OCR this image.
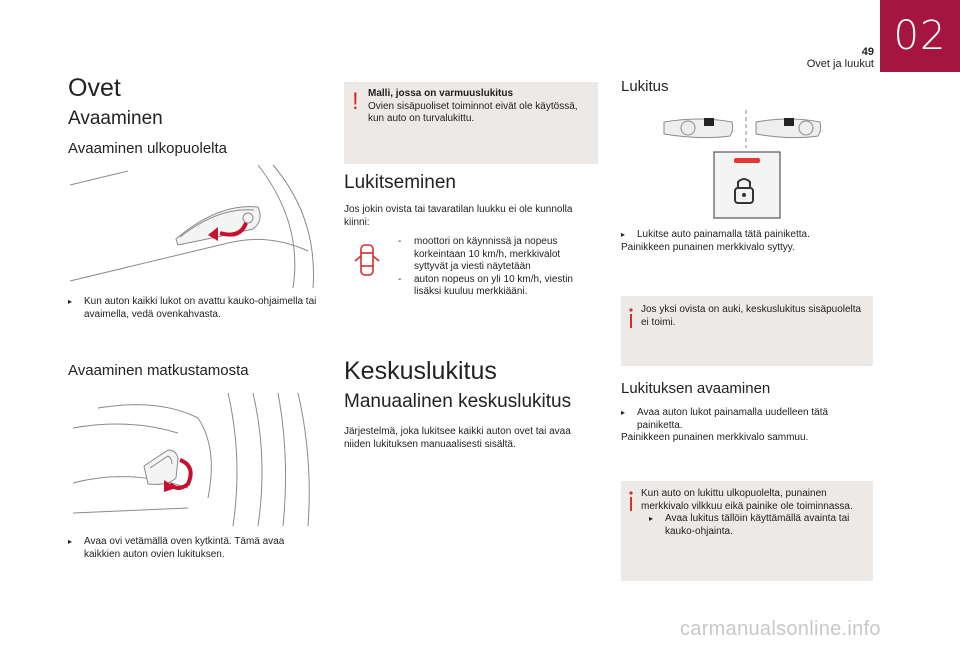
02
49
Ovet ja luukut
Ovet
Avaaminen
Avaaminen ulkopuolelta
▸	Kun auton kaikki lukot on avattu kauko-ohjaimella tai avaimella, vedä ovenkahvasta.
Avaaminen matkustamosta
▸	Avaa ovi vetämällä oven kytkintä. Tämä avaa kaikkien auton ovien lukituksen.
! Malli, jossa on varmuuslukitus
Ovien sisäpuoliset toiminnot eivät ole käytössä, kun auto on turvalukittu.
Lukitseminen
Jos jokin ovista tai tavaratilan luukku ei ole kunnolla kiinni:
-	moottori on käynnissä ja nopeus korkeintaan 10 km/h, merkkivalot syttyvät ja viesti näytetään
-	auton nopeus on yli 10 km/h, viestin lisäksi kuuluu merkkiääni.
Keskuslukitus
Manuaalinen keskuslukitus
Järjestelmä, joka lukitsee kaikki auton ovet tai avaa niiden lukituksen manuaalisesti sisältä.
Lukitus
▸	Lukitse auto painamalla tätä painiketta.
Painikkeen punainen merkkivalo syttyy.
Jos yksi ovista on auki, keskuslukitus sisäpuolelta ei toimi.
Lukituksen avaaminen
▸	Avaa auton lukot painamalla uudelleen tätä painiketta.
Painikkeen punainen merkkivalo sammuu.
Kun auto on lukittu ulkopuolelta, punainen merkkivalo vilkkuu eikä painike ole toiminnassa.
▸	Avaa lukitus tällöin käyttämällä avainta tai kauko-ohjainta.
carmanualsonline.info
